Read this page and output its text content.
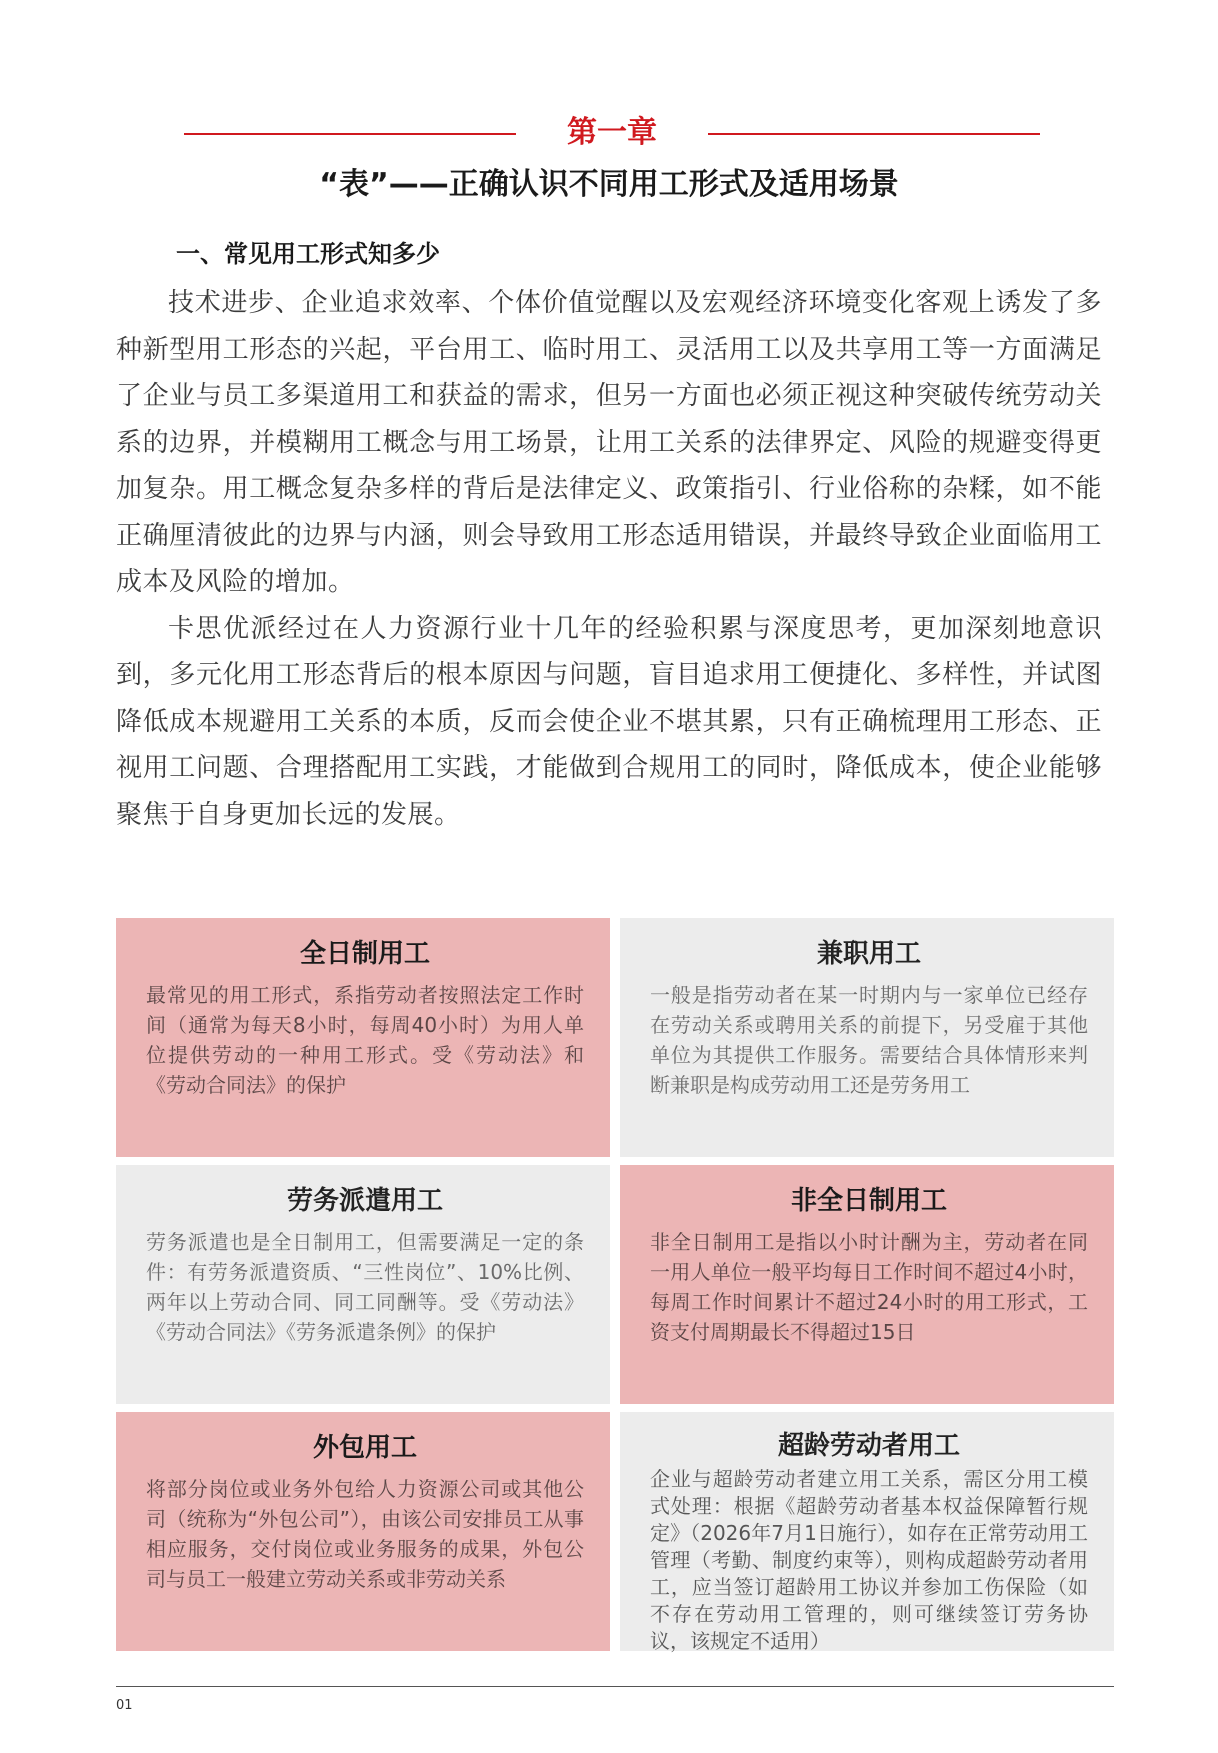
第一章
“表”——正确认识不同用工形式及适用场景
一、常见用工形式知多少

技术进步、企业追求效率、个体价值觉醒以及宏观经济环境变化客观上诱发了多种新型用工形态的兴起，平台用工、临时用工、灵活用工以及共享用工等一方面满足了企业与员工多渠道用工和获益的需求，但另一方面也必须正视这种突破传统劳动关系的边界，并模糊用工概念与用工场景，让用工关系的法律界定、风险的规避变得更加复杂。用工概念复杂多样的背后是法律定义、政策指引、行业俗称的杂糅，如不能正确厘清彼此的边界与内涵，则会导致用工形态适用错误，并最终导致企业面临用工成本及风险的增加。

卡思优派经过在人力资源行业十几年的经验积累与深度思考，更加深刻地意识到，多元化用工形态背后的根本原因与问题，盲目追求用工便捷化、多样性，并试图降低成本规避用工关系的本质，反而会使企业不堪其累，只有正确梳理用工形态、正视用工问题、合理搭配用工实践，才能做到合规用工的同时，降低成本，使企业能够聚焦于自身更加长远的发展。

全日制用工
最常见的用工形式，系指劳动者按照法定工作时间（通常为每天8小时，每周40小时）为用人单位提供劳动的一种用工形式。受《劳动法》和《劳动合同法》的保护
兼职用工
一般是指劳动者在某一时期内与一家单位已经存在劳动关系或聘用关系的前提下，另受雇于其他单位为其提供工作服务。需要结合具体情形来判断兼职是构成劳动用工还是劳务用工
劳务派遣用工
劳务派遣也是全日制用工，但需要满足一定的条件：有劳务派遣资质、“三性岗位”、10%比例、两年以上劳动合同、同工同酬等。受《劳动法》《劳动合同法》《劳务派遣条例》的保护
非全日制用工
非全日制用工是指以小时计酬为主，劳动者在同一用人单位一般平均每日工作时间不超过4小时，每周工作时间累计不超过24小时的用工形式，工资支付周期最长不得超过15日
外包用工
将部分岗位或业务外包给人力资源公司或其他公司（统称为“外包公司”），由该公司安排员工从事相应服务，交付岗位或业务服务的成果，外包公司与员工一般建立劳动关系或非劳动关系
超龄劳动者用工
企业与超龄劳动者建立用工关系，需区分用工模式处理：根据《超龄劳动者基本权益保障暂行规定》（2026年7月1日施行），如存在正常劳动用工管理（考勤、制度约束等），则构成超龄劳动者用工，应当签订超龄用工协议并参加工伤保险（如不存在劳动用工管理的，则可继续签订劳务协议，该规定不适用）
01
